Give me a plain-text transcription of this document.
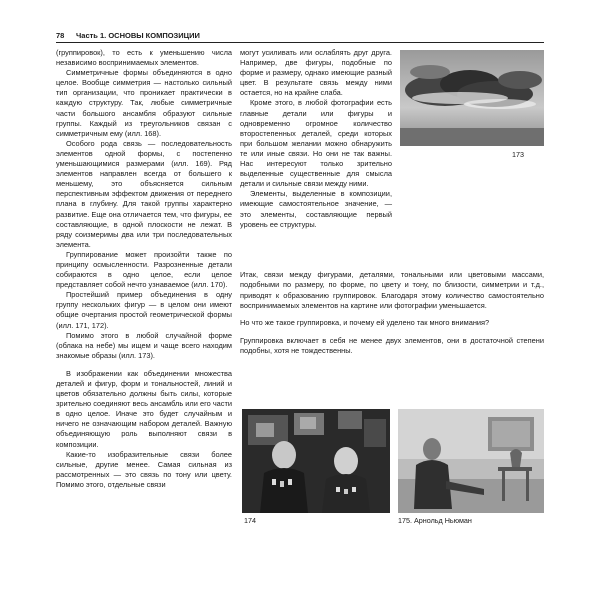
78 Часть 1. ОСНОВЫ КОМПОЗИЦИИ

(группировок), то есть к уменьшению числа независимо воспринимаемых элементов.

Симметричные формы объединяются в одно целое. Вообще симметрия — настолько сильный тип организации, что проникает практически в каждую структуру. Так, любые симметричные части большого ансамбля образуют сильные группы. Каждый из треугольников связан с симметричным ему (илл. 168).

Особого рода связь — последовательность элементов одной формы, с постепенно уменьшающимися размерами (илл. 169). Ряд элементов направлен всегда от большего к меньшему, это объясняется сильным перспективным эффектом движения от переднего плана в глубину. Для такой группы характерно развитие. Еще она отличается тем, что фигуры, ее составляющие, в одной плоскости не лежат. В ряду соизмеримы два или три последовательных элемента.

Группирование может произойти также по принципу осмысленности. Разрозненные детали собираются в одно целое, если целое представляет собой нечто узнаваемое (илл. 170).

Простейший пример объединения в одну группу нескольких фигур — в целом они имеют общие очертания простой геометрической формы (илл. 171, 172).

Помимо этого в любой случайной форме (облака на небе) мы ищем и чаще всего находим знакомые образы (илл. 173).

В изображении как объединении множества деталей и фигур, форм и тональностей, линий и цветов обязательно должны быть силы, которые зрительно соединяют весь ансамбль или его части в одно целое. Иначе это будет случайным и ничего не означающим набором деталей. Важную объединяющую роль выполняют связи в композиции.

Какие-то изобразительные связи более сильные, другие менее. Самая сильная из рассмотренных — это связь по тону или цвету. Помимо этого, отдельные связи

могут усиливать или ослаблять друг друга. Например, две фигуры, подобные по форме и размеру, однако имеющие разный цвет. В результате связь между ними остается, но на крайне слаба.

Кроме этого, в любой фотографии есть главные детали или фигуры и одновременно огромное количество второстепенных деталей, среди которых при большом желании можно обнаружить те или иные связи. Но они не так важны. Нас интересуют только зрительно выделенные существенные для смысла детали и сильные связи между ними.

Элементы, выделенные в композиции, имеющие самостоятельное значение, — это элементы, составляющие первый уровень ее структуры.

173

Итак, связи между фигурами, деталями, тональными или цветовыми массами, подобными по размеру, по форме, по цвету и тону, по близости, симметрии и т.д., приводят к образованию группировок. Благодаря этому количество самостоятельно воспринимаемых элементов на картине или фотографии уменьшается.

Но что же такое группировка, и почему ей уделено так много внимания?

Группировка включает в себя не менее двух элементов, они в достаточной степени подобны, хотя не тождественны.

174	175. Арнольд Ньюман
